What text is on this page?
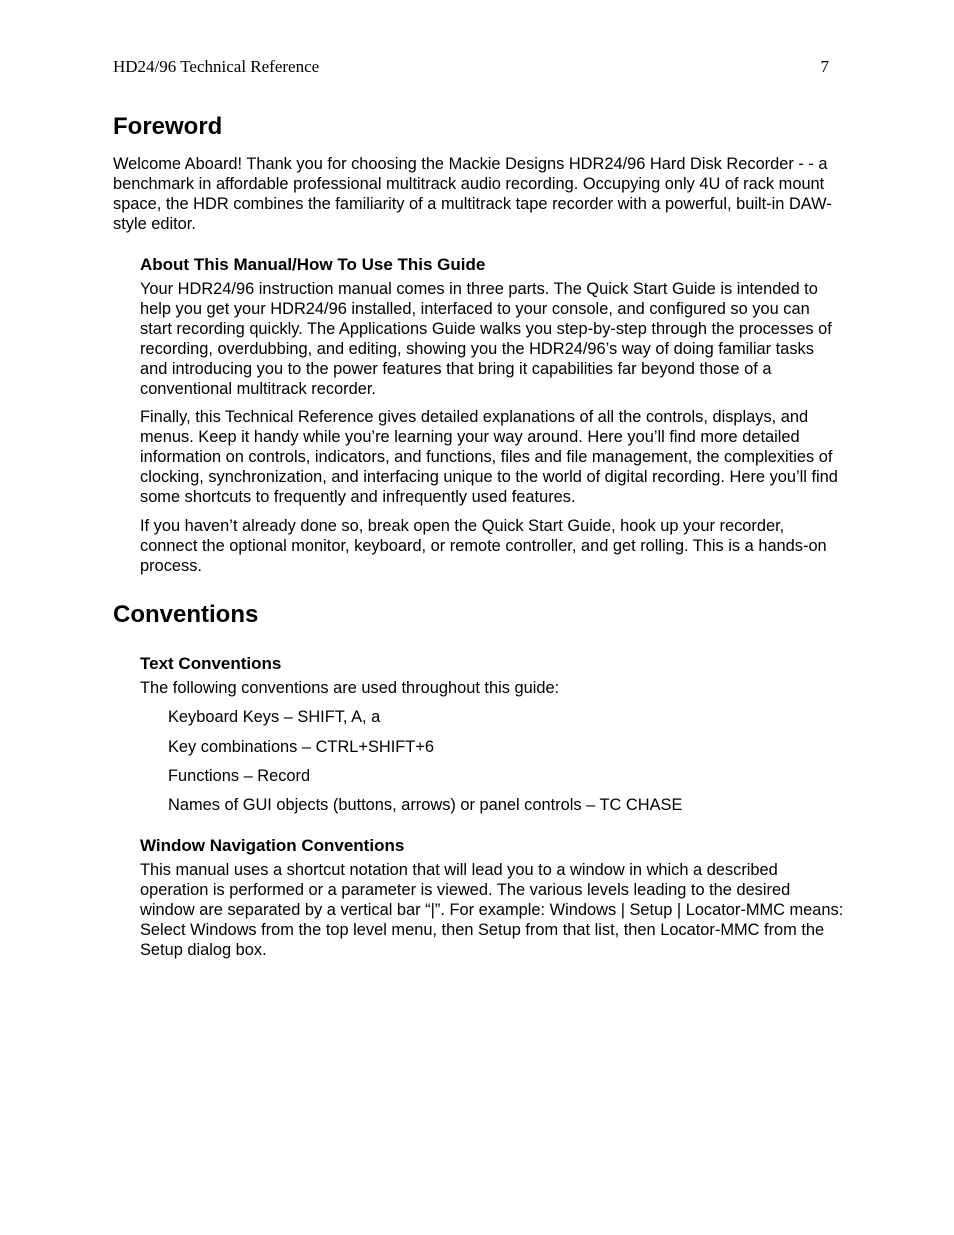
HD24/96 Technical Reference	7
Foreword

Welcome Aboard! Thank you for choosing the Mackie Designs HDR24/96 Hard Disk Recorder - - a benchmark in affordable professional multitrack audio recording. Occupying only 4U of rack mount space, the HDR combines the familiarity of a multitrack tape recorder with a powerful, built-in DAW-style editor.

About This Manual/How To Use This Guide

Your HDR24/96 instruction manual comes in three parts. The Quick Start Guide is intended to help you get your HDR24/96 installed, interfaced to your console, and configured so you can start recording quickly. The Applications Guide walks you step-by-step through the processes of recording, overdubbing, and editing, showing you the HDR24/96’s way of doing familiar tasks and introducing you to the power features that bring it capabilities far beyond those of a conventional multitrack recorder.

Finally, this Technical Reference gives detailed explanations of all the controls, displays, and menus. Keep it handy while you’re learning your way around. Here you’ll find more detailed information on controls, indicators, and functions, files and file management, the complexities of clocking, synchronization, and interfacing unique to the world of digital recording. Here you’ll find some shortcuts to frequently and infrequently used features.

If you haven’t already done so, break open the Quick Start Guide, hook up your recorder, connect the optional monitor, keyboard, or remote controller, and get rolling. This is a hands-on process.

Conventions
Text Conventions

The following conventions are used throughout this guide:

Keyboard Keys – SHIFT, A, a

Key combinations – CTRL+SHIFT+6

Functions – Record

Names of GUI objects (buttons, arrows) or panel controls – TC CHASE

Window Navigation Conventions

This manual uses a shortcut notation that will lead you to a window in which a described operation is performed or a parameter is viewed. The various levels leading to the desired window are separated by a vertical bar “|”. For example: Windows | Setup | Locator-MMC means: Select Windows from the top level menu, then Setup from that list, then Locator-MMC from the Setup dialog box.
